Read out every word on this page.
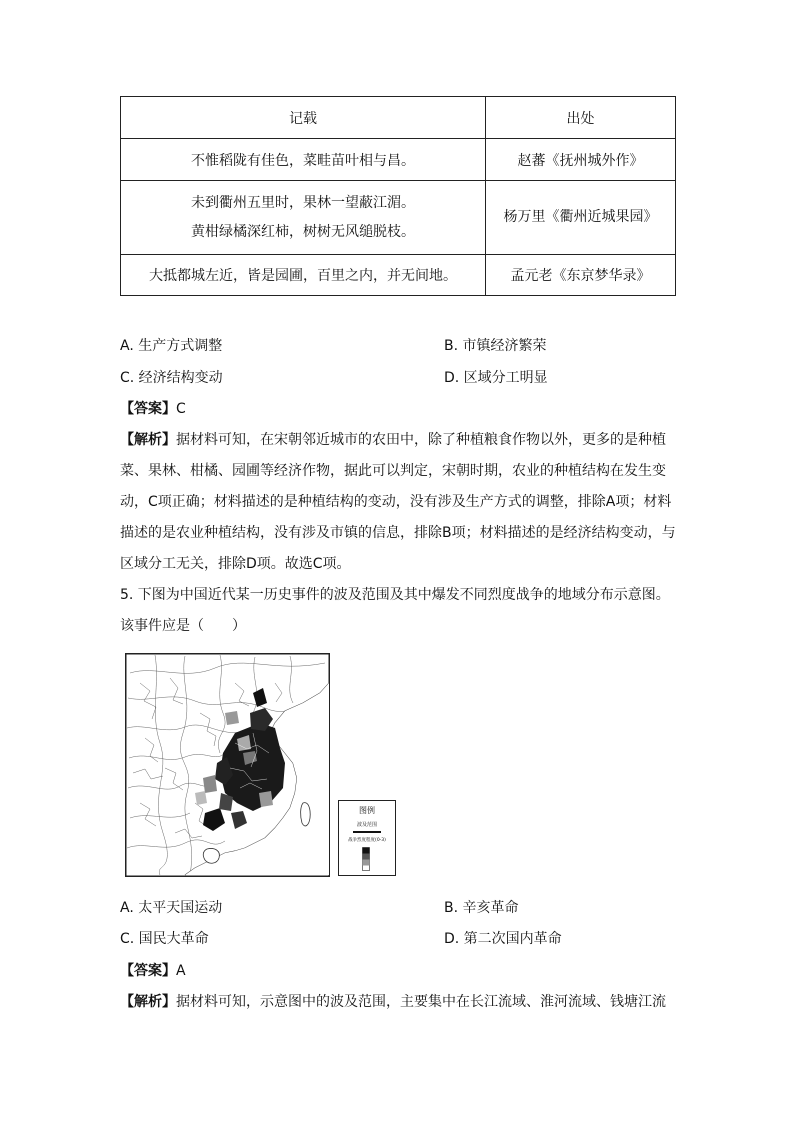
记载	出处

不惟稻陇有佳色，菜畦苗叶相与昌。	赵蕃《抚州城外作》

未到衢州五里时，果林一望蔽江湄。
黄柑绿橘深红柿，树树无风缒脱枝。	杨万里《衢州近城果园》

大抵都城左近，皆是园圃，百里之内，并无间地。	孟元老《东京梦华录》
A. 生产方式调整	B. 市镇经济繁荣
C. 经济结构变动	D. 区域分工明显
【答案】C
【解析】据材料可知，在宋朝邻近城市的农田中，除了种植粮食作物以外，更多的是种植菜、果林、柑橘、园圃等经济作物，据此可以判定，宋朝时期，农业的种植结构在发生变动，C项正确；材料描述的是种植结构的变动，没有涉及生产方式的调整，排除A项；材料描述的是农业种植结构，没有涉及市镇的信息，排除B项；材料描述的是经济结构变动，与区域分工无关，排除D项。故选C项。
5. 下图为中国近代某一历史事件的波及范围及其中爆发不同烈度战争的地域分布示意图。该事件应是（　　）
图例
波及范围
战争烈度程度(0-3)
A. 太平天国运动	B. 辛亥革命
C. 国民大革命	D. 第二次国内革命
【答案】A
【解析】据材料可知，示意图中的波及范围，主要集中在长江流域、淮河流域、钱塘江流
